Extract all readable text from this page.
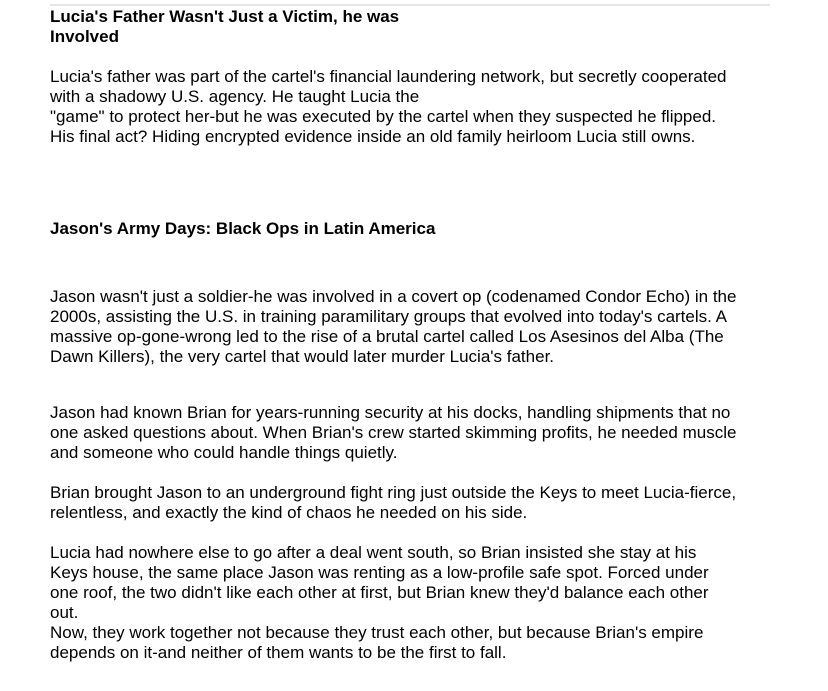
Lucia's Father Wasn't Just a Victim, he was
Involved

Lucia's father was part of the cartel's financial laundering network, but secretly cooperated
with a shadowy U.S. agency. He taught Lucia the
"game" to protect her-but he was executed by the cartel when they suspected he flipped.
His final act? Hiding encrypted evidence inside an old family heirloom Lucia still owns.

Jason's Army Days: Black Ops in Latin America

Jason wasn't just a soldier-he was involved in a covert op (codenamed Condor Echo) in the
2000s, assisting the U.S. in training paramilitary groups that evolved into today's cartels. A
massive op-gone-wrong led to the rise of a brutal cartel called Los Asesinos del Alba (The
Dawn Killers), the very cartel that would later murder Lucia's father.

Jason had known Brian for years-running security at his docks, handling shipments that no
one asked questions about. When Brian's crew started skimming profits, he needed muscle
and someone who could handle things quietly.

Brian brought Jason to an underground fight ring just outside the Keys to meet Lucia-fierce,
relentless, and exactly the kind of chaos he needed on his side.

Lucia had nowhere else to go after a deal went south, so Brian insisted she stay at his
Keys house, the same place Jason was renting as a low-profile safe spot. Forced under
one roof, the two didn't like each other at first, but Brian knew they'd balance each other
out.
Now, they work together not because they trust each other, but because Brian's empire
depends on it-and neither of them wants to be the first to fall.
